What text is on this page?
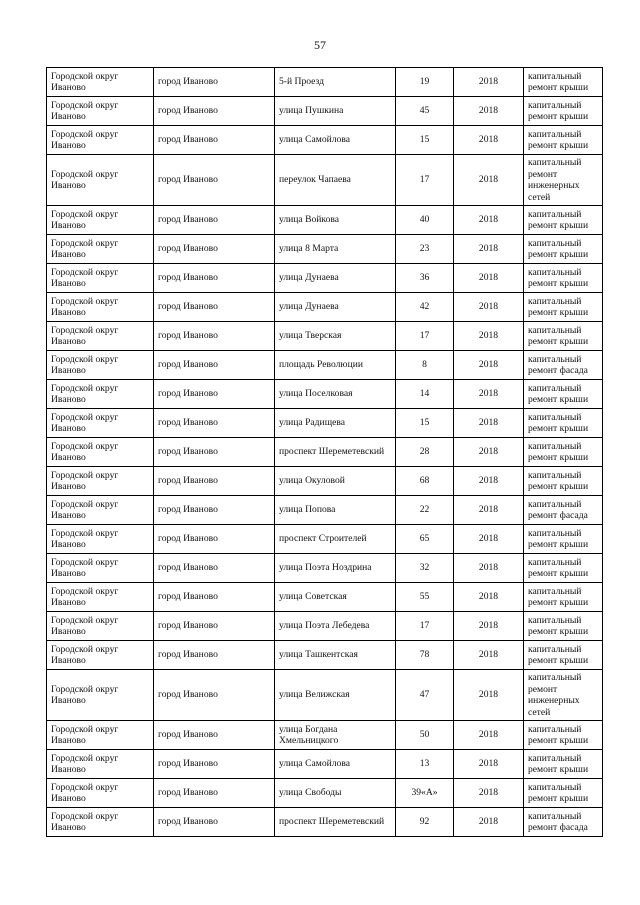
57
Городской округ Иваново	город Иваново	5-й Проезд	19	2018	капитальный ремонт крыши
Городской округ Иваново	город Иваново	улица Пушкина	45	2018	капитальный ремонт крыши
Городской округ Иваново	город Иваново	улица Самойлова	15	2018	капитальный ремонт крыши
Городской округ Иваново	город Иваново	переулок Чапаева	17	2018	капитальный ремонт инженерных сетей
Городской округ Иваново	город Иваново	улица Войкова	40	2018	капитальный ремонт крыши
Городской округ Иваново	город Иваново	улица 8 Марта	23	2018	капитальный ремонт крыши
Городской округ Иваново	город Иваново	улица Дунаева	36	2018	капитальный ремонт крыши
Городской округ Иваново	город Иваново	улица Дунаева	42	2018	капитальный ремонт крыши
Городской округ Иваново	город Иваново	улица Тверская	17	2018	капитальный ремонт крыши
Городской округ Иваново	город Иваново	площадь Революции	8	2018	капитальный ремонт фасада
Городской округ Иваново	город Иваново	улица Поселковая	14	2018	капитальный ремонт крыши
Городской округ Иваново	город Иваново	улица Радищева	15	2018	капитальный ремонт крыши
Городской округ Иваново	город Иваново	проспект Шереметевский	28	2018	капитальный ремонт крыши
Городской округ Иваново	город Иваново	улица Окуловой	68	2018	капитальный ремонт крыши
Городской округ Иваново	город Иваново	улица Попова	22	2018	капитальный ремонт фасада
Городской округ Иваново	город Иваново	проспект Строителей	65	2018	капитальный ремонт крыши
Городской округ Иваново	город Иваново	улица Поэта Ноздрина	32	2018	капитальный ремонт крыши
Городской округ Иваново	город Иваново	улица Советская	55	2018	капитальный ремонт крыши
Городской округ Иваново	город Иваново	улица Поэта Лебедева	17	2018	капитальный ремонт крыши
Городской округ Иваново	город Иваново	улица Ташкентская	78	2018	капитальный ремонт крыши
Городской округ Иваново	город Иваново	улица Велижская	47	2018	капитальный ремонт инженерных сетей
Городской округ Иваново	город Иваново	улица Богдана Хмельницкого	50	2018	капитальный ремонт крыши
Городской округ Иваново	город Иваново	улица Самойлова	13	2018	капитальный ремонт крыши
Городской округ Иваново	город Иваново	улица Свободы	39«А»	2018	капитальный ремонт крыши
Городской округ Иваново	город Иваново	проспект Шереметевский	92	2018	капитальный ремонт фасада
